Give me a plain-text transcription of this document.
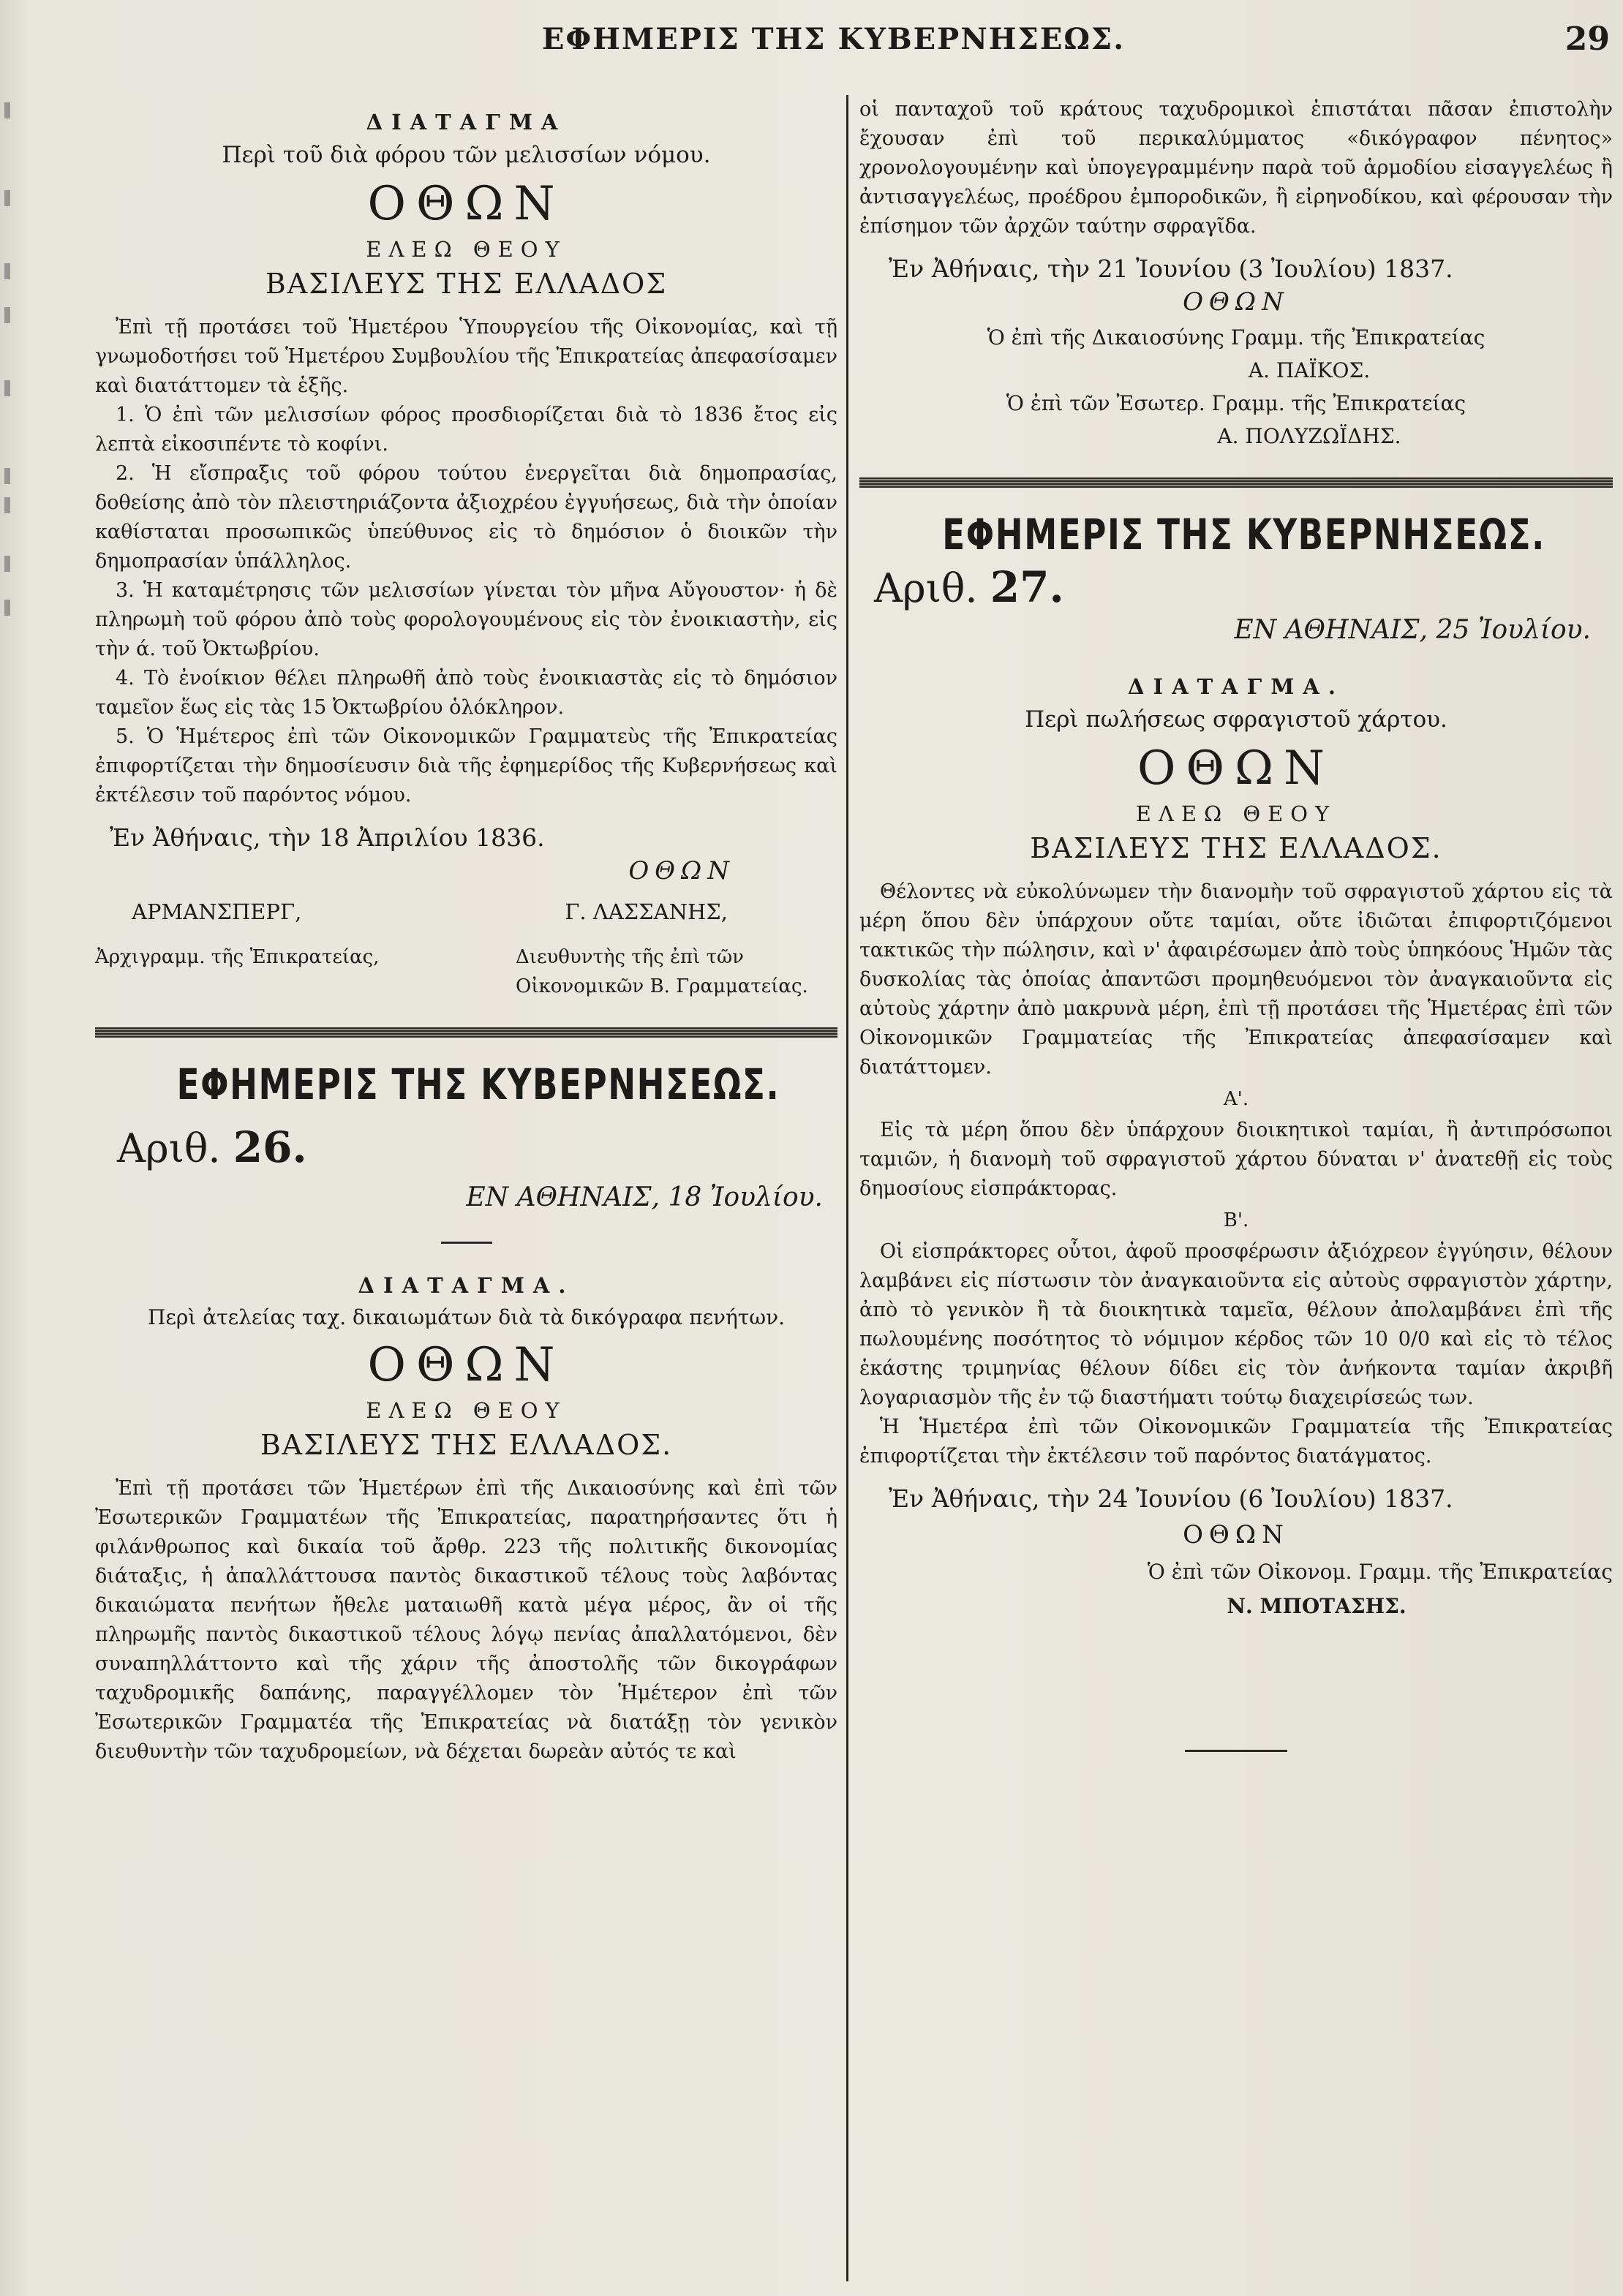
ΕΦΗΜΕΡΙΣ ΤΗΣ ΚΥΒΕΡΝΗΣΕΩΣ.	29
ΔΙΑΤΑΓΜΑ
Περὶ τοῦ διὰ φόρου τῶν μελισσίων νόμου.
ΟΘΩΝ
ΕΛΕΩ ΘΕΟΥ
ΒΑΣΙΛΕΥΣ ΤΗΣ ΕΛΛΑΔΟΣ

Ἐπὶ τῇ προτάσει τοῦ Ἡμετέρου Ὑπουργείου τῆς Οἰκονομίας, καὶ τῇ γνωμοδοτήσει τοῦ Ἡμετέρου Συμβουλίου τῆς Ἐπικρατείας ἀπεφασίσαμεν καὶ διατάττομεν τὰ ἑξῆς.

1. Ὁ ἐπὶ τῶν μελισσίων φόρος προσδιορίζεται διὰ τὸ 1836 ἔτος εἰς λεπτὰ εἰκοσιπέντε τὸ κοφίνι.

2. Ἡ εἴσπραξις τοῦ φόρου τούτου ἐνεργεῖται διὰ δημοπρασίας, δοθείσης ἀπὸ τὸν πλειστηριάζοντα ἀξιοχρέου ἐγγυήσεως, διὰ τὴν ὁποίαν καθίσταται προσωπικῶς ὑπεύθυνος εἰς τὸ δημόσιον ὁ διοικῶν τὴν δημοπρασίαν ὑπάλληλος.

3. Ἡ καταμέτρησις τῶν μελισσίων γίνεται τὸν μῆνα Αὔγουστον· ἡ δὲ πληρωμὴ τοῦ φόρου ἀπὸ τοὺς φορολογουμένους εἰς τὸν ἐνοικιαστὴν, εἰς τὴν ά. τοῦ Ὀκτωβρίου.

4. Τὸ ἐνοίκιον θέλει πληρωθῆ ἀπὸ τοὺς ἐνοικιαστὰς εἰς τὸ δημόσιον ταμεῖον ἕως εἰς τὰς 15 Ὀκτωβρίου ὁλόκληρον.

5. Ὁ Ἡμέτερος ἐπὶ τῶν Οἰκονομικῶν Γραμματεὺς τῆς Ἐπικρατείας ἐπιφορτίζεται τὴν δημοσίευσιν διὰ τῆς ἐφημερίδος τῆς Κυβερνήσεως καὶ ἐκτέλεσιν τοῦ παρόντος νόμου.

Ἐν Ἀθήναις, τὴν 18 Ἀπριλίου 1836.
ΟΘΩΝ
ΑΡΜΑΝΣΠΕΡΓ,	Γ. ΛΑΣΣΑΝΗΣ,
Ἀρχιγραμμ. τῆς Ἐπικρατείας,	Διευθυντὴς τῆς ἐπὶ τῶν Οἰκονομικῶν Β. Γραμματείας.
ΕΦΗΜΕΡΙΣ ΤΗΣ ΚΥΒΕΡΝΗΣΕΩΣ.
Αριθ. 26.
ΕΝ ΑΘΗΝΑΙΣ, 18 Ἰουλίου.
ΔΙΑΤΑΓΜΑ.
Περὶ ἀτελείας ταχ. δικαιωμάτων διὰ τὰ δικόγραφα πενήτων.
ΟΘΩΝ
ΕΛΕΩ ΘΕΟΥ
ΒΑΣΙΛΕΥΣ ΤΗΣ ΕΛΛΑΔΟΣ.

Ἐπὶ τῇ προτάσει τῶν Ἡμετέρων ἐπὶ τῆς Δικαιοσύνης καὶ ἐπὶ τῶν Ἐσωτερικῶν Γραμματέων τῆς Ἐπικρατείας, παρατηρήσαντες ὅτι ἡ φιλάνθρωπος καὶ δικαία τοῦ ἄρθρ. 223 τῆς πολιτικῆς δικονομίας διάταξις, ἡ ἀπαλλάττουσα παντὸς δικαστικοῦ τέλους τοὺς λαβόντας δικαιώματα πενήτων ἤθελε ματαιωθῆ κατὰ μέγα μέρος, ἂν οἱ τῆς πληρωμῆς παντὸς δικαστικοῦ τέλους λόγῳ πενίας ἀπαλλατόμενοι, δὲν συναπηλλάττοντο καὶ τῆς χάριν τῆς ἀποστολῆς τῶν δικογράφων ταχυδρομικῆς δαπάνης, παραγγέλλομεν τὸν Ἡμέτερον ἐπὶ τῶν Ἐσωτερικῶν Γραμματέα τῆς Ἐπικρατείας νὰ διατάξῃ τὸν γενικὸν διευθυντὴν τῶν ταχυδρομείων, νὰ δέχεται δωρεὰν αὐτός τε καὶ

οἱ πανταχοῦ τοῦ κράτους ταχυδρομικοὶ ἐπιστάται πᾶσαν ἐπιστολὴν ἔχουσαν ἐπὶ τοῦ περικαλύμματος «δικόγραφον πένητος» χρονολογουμένην καὶ ὑπογεγραμμένην παρὰ τοῦ ἁρμοδίου εἰσαγγελέως ἢ ἀντισαγγελέως, προέδρου ἐμποροδικῶν, ἢ εἰρηνοδίκου, καὶ φέρουσαν τὴν ἐπίσημον τῶν ἀρχῶν ταύτην σφραγῖδα.

Ἐν Ἀθήναις, τὴν 21 Ἰουνίου (3 Ἰουλίου) 1837.
ΟΘΩΝ
Ὁ ἐπὶ τῆς Δικαιοσύνης Γραμμ. τῆς Ἐπικρατείας
Α. ΠΑΪΚΟΣ.
Ὁ ἐπὶ τῶν Ἐσωτερ. Γραμμ. τῆς Ἐπικρατείας
Α. ΠΟΛΥΖΩΪΔΗΣ.
ΕΦΗΜΕΡΙΣ ΤΗΣ ΚΥΒΕΡΝΗΣΕΩΣ.
Αριθ. 27.
ΕΝ ΑΘΗΝΑΙΣ, 25 Ἰουλίου.
ΔΙΑΤΑΓΜΑ.
Περὶ πωλήσεως σφραγιστοῦ χάρτου.
ΟΘΩΝ
ΕΛΕΩ ΘΕΟΥ
ΒΑΣΙΛΕΥΣ ΤΗΣ ΕΛΛΑΔΟΣ.

Θέλοντες νὰ εὐκολύνωμεν τὴν διανομὴν τοῦ σφραγιστοῦ χάρτου εἰς τὰ μέρη ὅπου δὲν ὑπάρχουν οὔτε ταμίαι, οὔτε ἰδιῶται ἐπιφορτιζόμενοι τακτικῶς τὴν πώλησιν, καὶ ν' ἀφαιρέσωμεν ἀπὸ τοὺς ὑπηκόους Ἡμῶν τὰς δυσκολίας τὰς ὁποίας ἀπαντῶσι προμηθευόμενοι τὸν ἀναγκαιοῦντα εἰς αὐτοὺς χάρτην ἀπὸ μακρυνὰ μέρη, ἐπὶ τῇ προτάσει τῆς Ἡμετέρας ἐπὶ τῶν Οἰκονομικῶν Γραμματείας τῆς Ἐπικρατείας ἀπεφασίσαμεν καὶ διατάττομεν.

Α'.

Εἰς τὰ μέρη ὅπου δὲν ὑπάρχουν διοικητικοὶ ταμίαι, ἢ ἀντιπρόσωποι ταμιῶν, ἡ διανομὴ τοῦ σφραγιστοῦ χάρτου δύναται ν' ἀνατεθῇ εἰς τοὺς δημοσίους εἰσπράκτορας.

Β'.

Οἱ εἰσπράκτορες οὗτοι, ἀφοῦ προσφέρωσιν ἀξιόχρεον ἐγγύησιν, θέλουν λαμβάνει εἰς πίστωσιν τὸν ἀναγκαιοῦντα εἰς αὐτοὺς σφραγιστὸν χάρτην, ἀπὸ τὸ γενικὸν ἢ τὰ διοικητικὰ ταμεῖα, θέλουν ἀπολαμβάνει ἐπὶ τῆς πωλουμένης ποσότητος τὸ νόμιμον κέρδος τῶν 10 0/0 καὶ εἰς τὸ τέλος ἑκάστης τριμηνίας θέλουν δίδει εἰς τὸν ἀνήκοντα ταμίαν ἀκριβῆ λογαριασμὸν τῆς ἐν τῷ διαστήματι τούτῳ διαχειρίσεώς των.

Ἡ Ἡμετέρα ἐπὶ τῶν Οἰκονομικῶν Γραμματεία τῆς Ἐπικρατείας ἐπιφορτίζεται τὴν ἐκτέλεσιν τοῦ παρόντος διατάγματος.

Ἐν Ἀθήναις, τὴν 24 Ἰουνίου (6 Ἰουλίου) 1837.
ΟΘΩΝ
Ὁ ἐπὶ τῶν Οἰκονομ. Γραμμ. τῆς Ἐπικρατείας
Ν. ΜΠΟΤΑΣΗΣ.
